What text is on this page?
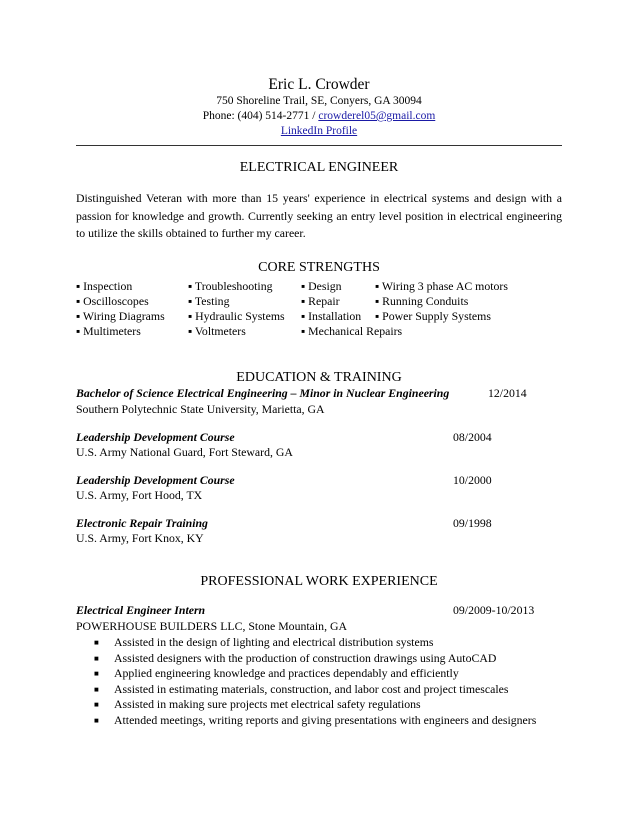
Eric L. Crowder
750 Shoreline Trail, SE, Conyers, GA 30094
Phone: (404) 514-2771 / crowderel05@gmail.com
LinkedIn Profile
ELECTRICAL ENGINEER
Distinguished Veteran with more than 15 years' experience in electrical systems and design with a passion for knowledge and growth. Currently seeking an entry level position in electrical engineering to utilize the skills obtained to further my career.
CORE STRENGTHS
▪ Inspection
▪ Oscilloscopes
▪ Wiring Diagrams
▪ Multimeters
▪ Troubleshooting
▪ Testing
▪ Hydraulic Systems
▪ Voltmeters
▪ Design
▪ Repair
▪ Installation
▪ Mechanical Repairs
▪ Wiring 3 phase AC motors
▪ Running Conduits
▪ Power Supply Systems
EDUCATION & TRAINING
Bachelor of Science Electrical Engineering – Minor in Nuclear Engineering	12/2014
Southern Polytechnic State University, Marietta, GA
Leadership Development Course	08/2004
U.S. Army National Guard, Fort Steward, GA
Leadership Development Course	10/2000
U.S. Army, Fort Hood, TX
Electronic Repair Training	09/1998
U.S. Army, Fort Knox, KY
PROFESSIONAL WORK EXPERIENCE
Electrical Engineer Intern	09/2009-10/2013
POWERHOUSE BUILDERS LLC, Stone Mountain, GA
■ Assisted in the design of lighting and electrical distribution systems
■ Assisted designers with the production of construction drawings using AutoCAD
■ Applied engineering knowledge and practices dependably and efficiently
■ Assisted in estimating materials, construction, and labor cost and project timescales
■ Assisted in making sure projects met electrical safety regulations
■ Attended meetings, writing reports and giving presentations with engineers and designers
